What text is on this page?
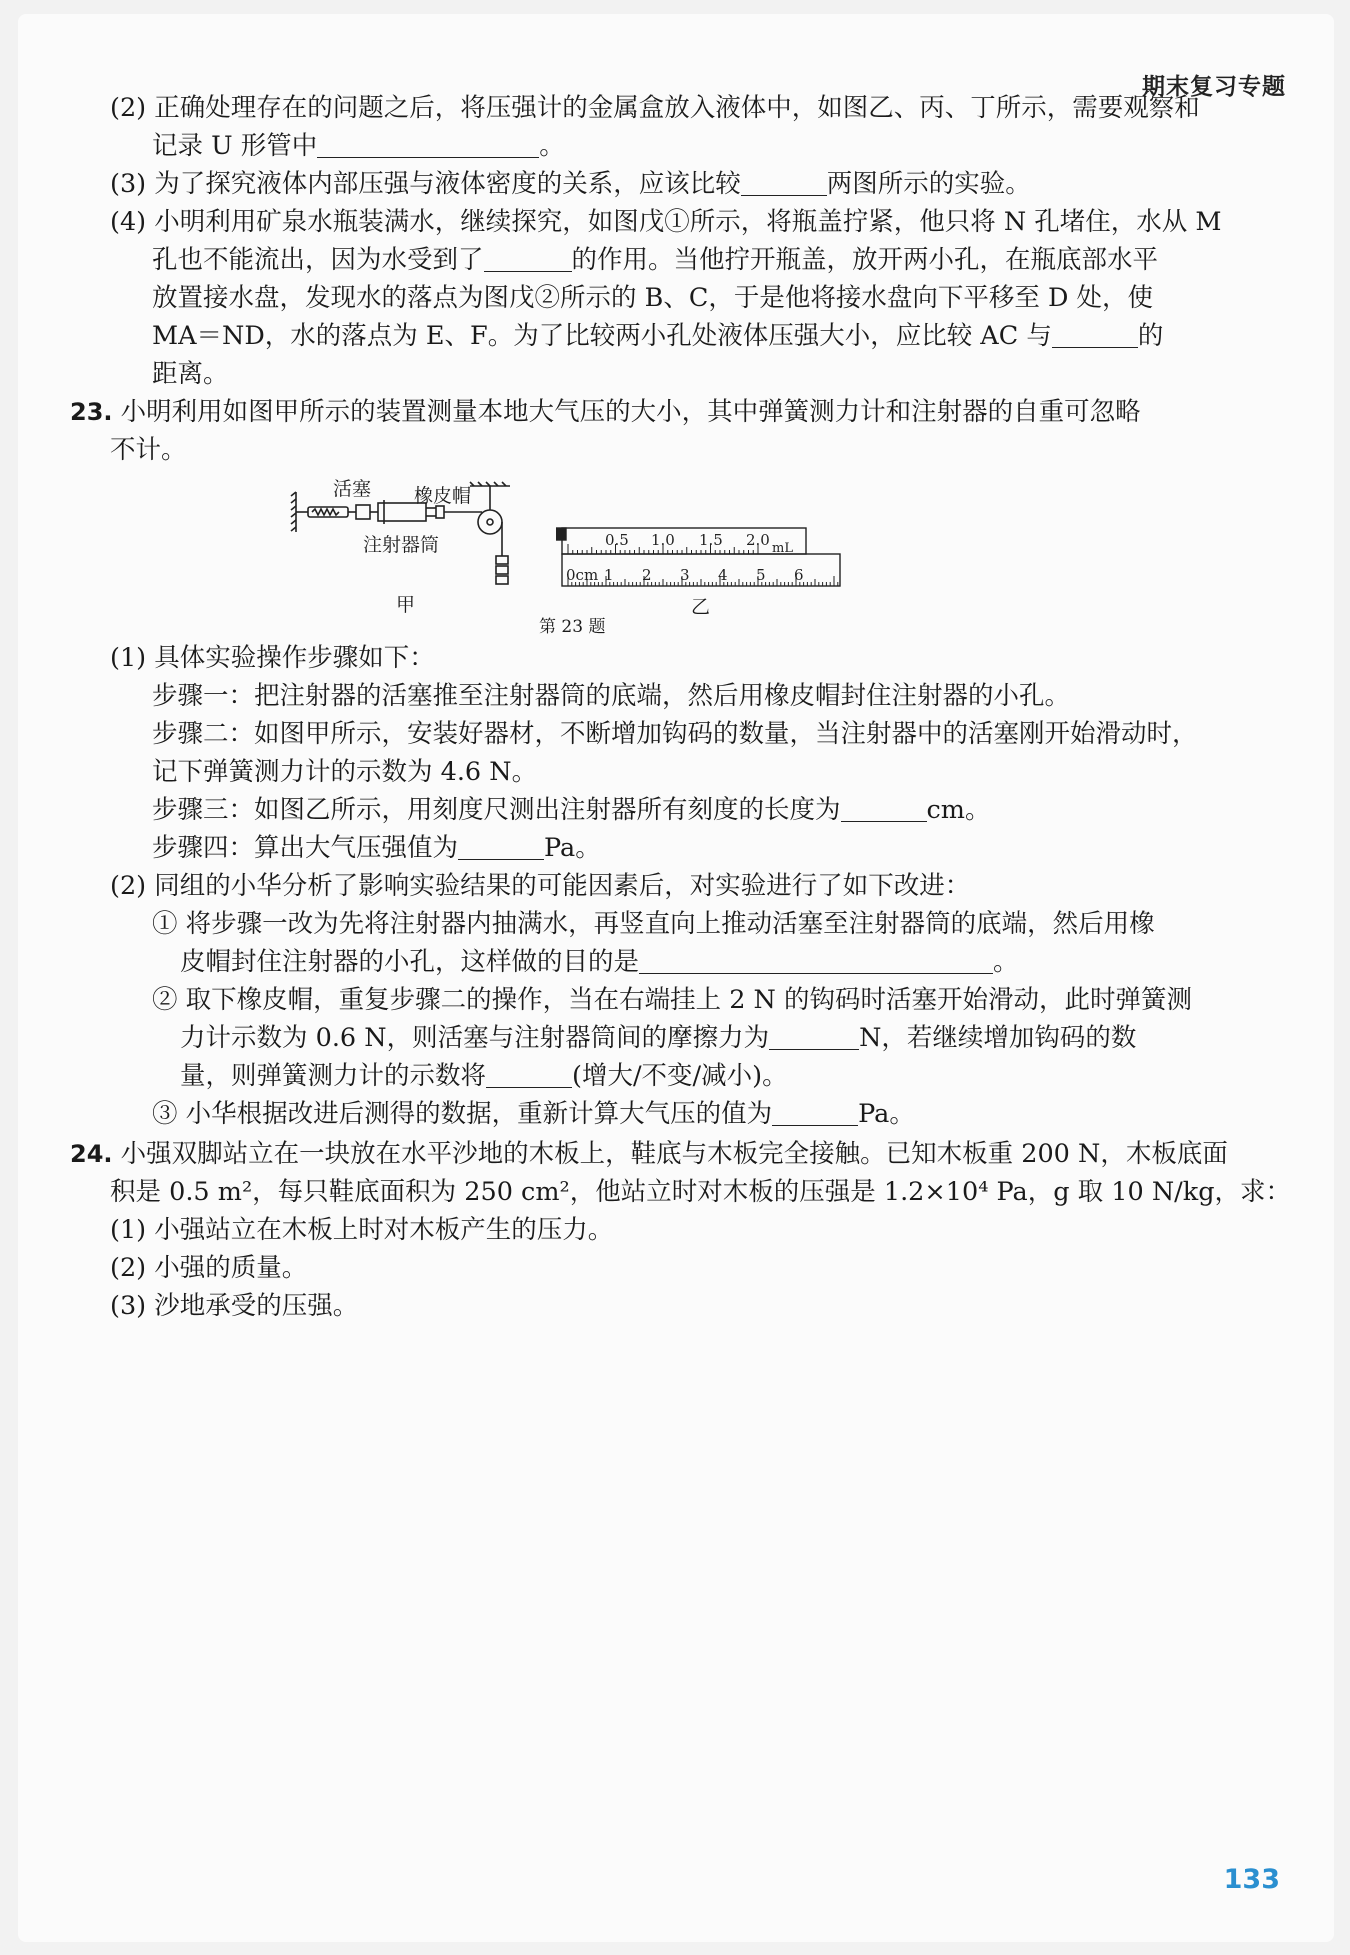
期末复习专题
(2) 正确处理存在的问题之后，将压强计的金属盒放入液体中，如图乙、丙、丁所示，需要观察和
记录 U 形管中	。
(3) 为了探究液体内部压强与液体密度的关系，应该比较	两图所示的实验。
(4) 小明利用矿泉水瓶装满水，继续探究，如图戊①所示，将瓶盖拧紧，他只将 N 孔堵住，水从 M
孔也不能流出，因为水受到了	的作用。当他拧开瓶盖，放开两小孔，在瓶底部水平
放置接水盘，发现水的落点为图戊②所示的 B、C，于是他将接水盘向下平移至 D 处，使
MA＝ND，水的落点为 E、F。为了比较两小孔处液体压强大小，应比较 AC 与	的
距离。
23. 小明利用如图甲所示的装置测量本地大气压的大小，其中弹簧测力计和注射器的自重可忽略
不计。
活塞 橡皮帽
注射器筒
甲
0.5 1.0 1.5 2.0 mL
0cm 1 2 3 4 5 6
乙
第 23 题
(1) 具体实验操作步骤如下：
步骤一：把注射器的活塞推至注射器筒的底端，然后用橡皮帽封住注射器的小孔。
步骤二：如图甲所示，安装好器材，不断增加钩码的数量，当注射器中的活塞刚开始滑动时，
记下弹簧测力计的示数为 4.6 N。
步骤三：如图乙所示，用刻度尺测出注射器所有刻度的长度为	cm。
步骤四：算出大气压强值为	Pa。
(2) 同组的小华分析了影响实验结果的可能因素后，对实验进行了如下改进：
① 将步骤一改为先将注射器内抽满水，再竖直向上推动活塞至注射器筒的底端，然后用橡
皮帽封住注射器的小孔，这样做的目的是	。
② 取下橡皮帽，重复步骤二的操作，当在右端挂上 2 N 的钩码时活塞开始滑动，此时弹簧测
力计示数为 0.6 N，则活塞与注射器筒间的摩擦力为	N，若继续增加钩码的数
量，则弹簧测力计的示数将	(增大/不变/减小)。
③ 小华根据改进后测得的数据，重新计算大气压的值为	Pa。
24. 小强双脚站立在一块放在水平沙地的木板上，鞋底与木板完全接触。已知木板重 200 N，木板底面
积是 0.5 m²，每只鞋底面积为 250 cm²，他站立时对木板的压强是 1.2×10⁴ Pa，g 取 10 N/kg，求：
(1) 小强站立在木板上时对木板产生的压力。
(2) 小强的质量。
(3) 沙地承受的压强。
133
